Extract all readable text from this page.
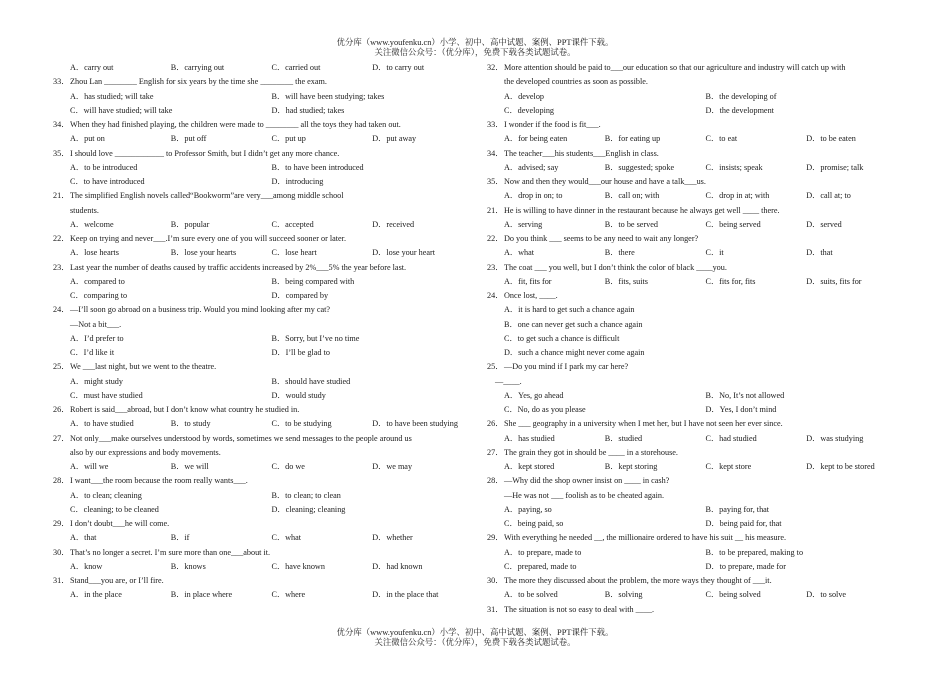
优分库（www.youfenku.cn）小学、初中、高中试题、案例、PPT课件下载。
关注微信公众号：（优分库），免费下载各类试题试卷。
A．carry out	B．carrying out	C．carried out	D．to carry out
33． Zhou Lan ________ English for six years by the time she ________ the exam.
A．has studied; will take	B．will have been studying; takes
C．will have studied; will take	D．had studied; takes
34． When they had finished playing, the children were made to ________ all the toys they had taken out.
A．put on	B．put off	C．put up	D．put away
35． I should love ____________ to Professor Smith, but I didn’t get any more chance.
A．to be introduced	B．to have been introduced
C．to have introduced	D．introducing
21． The simplified English novels called“Bookworm”are very___among middle school
students.
A．welcome	B．popular	C．accepted	D．received
22． Keep on trying and never___.I’m sure every one of you will succeed sooner or later.
A．lose hearts	B．lose your hearts	C．lose heart	D．lose your heart
23． Last year the number of deaths caused by traffic accidents increased by 2%___5% the year before last.
A．compared to	B．being compared with
C．comparing to	D．compared by
24． —I’ll soon go abroad on a business trip. Would you mind looking after my cat?
—Not a bit___.
A．I’d prefer to	B．Sorry, but I’ve no time
C．I’d like it	D．I’ll be glad to
25． We ___last night, but we went to the theatre.
A．might study	B．should have studied
C．must have studied	D．would study
26． Robert is said___abroad, but I don’t know what country he studied in.
A．to have studied	B．to study	C．to be studying	D．to have been studying
27． Not only___make ourselves understood by words, sometimes we send messages to the people around us
also by our expressions and body movements.
A．will we	B．we will	C．do we	D．we may
28． I want___the room because the room really wants___.
A．to clean; cleaning	B．to clean; to clean
C．cleaning; to be cleaned	D．cleaning; cleaning
29． I don’t doubt___he will come.
A．that	B．if	C．what	D．whether
30． That’s no longer a secret. I’m sure more than one___about it.
A．know	B．knows	C．have known	D．had known
31． Stand___you are, or I’ll fire.
A．in the place	B．in place where	C．where	D．in the place that
32． More attention should be paid to___our education so that our agriculture and industry will catch up with
the developed countries as soon as possible.
A．develop	B．the developing of
C．developing	D．the development
33． I wonder if the food is fit___.
A．for being eaten	B．for eating up	C．to eat	D．to be eaten
34． The teacher___his students___English in class.
A．advised; say	B．suggested; spoke	C．insists; speak	D．promise; talk
35． Now and then they would___our house and have a talk___us.
A．drop in on; to	B．call on; with	C．drop in at; with	D．call at; to
21． He is willing to have dinner in the restaurant because he always get well ____ there.
A．serving	B．to be served	C．being served	D．served
22． Do you think ___ seems to be any need to wait any longer?
A．what	B．there	C．it	D．that
23． The coat ___ you well, but I don’t think the color of black ____you.
A．fit, fits for	B．fits, suits	C．fits for, fits	D．suits, fits for
24． Once lost, ____.
A．it is hard to get such a chance again
B．one can never get such a chance again
C．to get such a chance is difficult
D．such a chance might never come again
25． —Do you mind if I park my car here?
—____.
A．Yes, go ahead	B．No, It’s not allowed
C．No, do as you please	D．Yes, I don’t mind
26． She ___ geography in a university when I met her, but I have not seen her ever since.
A．has studied	B．studied	C．had studied	D．was studying
27． The grain they got in should be ____ in a storehouse.
A．kept stored	B．kept storing	C．kept store	D．kept to be stored
28． —Why did the shop owner insist on ____ in cash?
—He was not ___ foolish as to be cheated again.
A．paying, so	B．paying for, that
C．being paid, so	D．being paid for, that
29． With everything he needed __, the millionaire ordered to have his suit __ his measure.
A．to prepare, made to	B．to be prepared, making to
C．prepared, made to	D．to prepare, made for
30． The more they discussed about the problem, the more ways they thought of ___it.
A．to be solved	B．solving	C．being solved	D．to solve
31． The situation is not so easy to deal with ____.
优分库（www.youfenku.cn）小学、初中、高中试题、案例、PPT课件下载。
关注微信公众号：（优分库），免费下载各类试题试卷。
